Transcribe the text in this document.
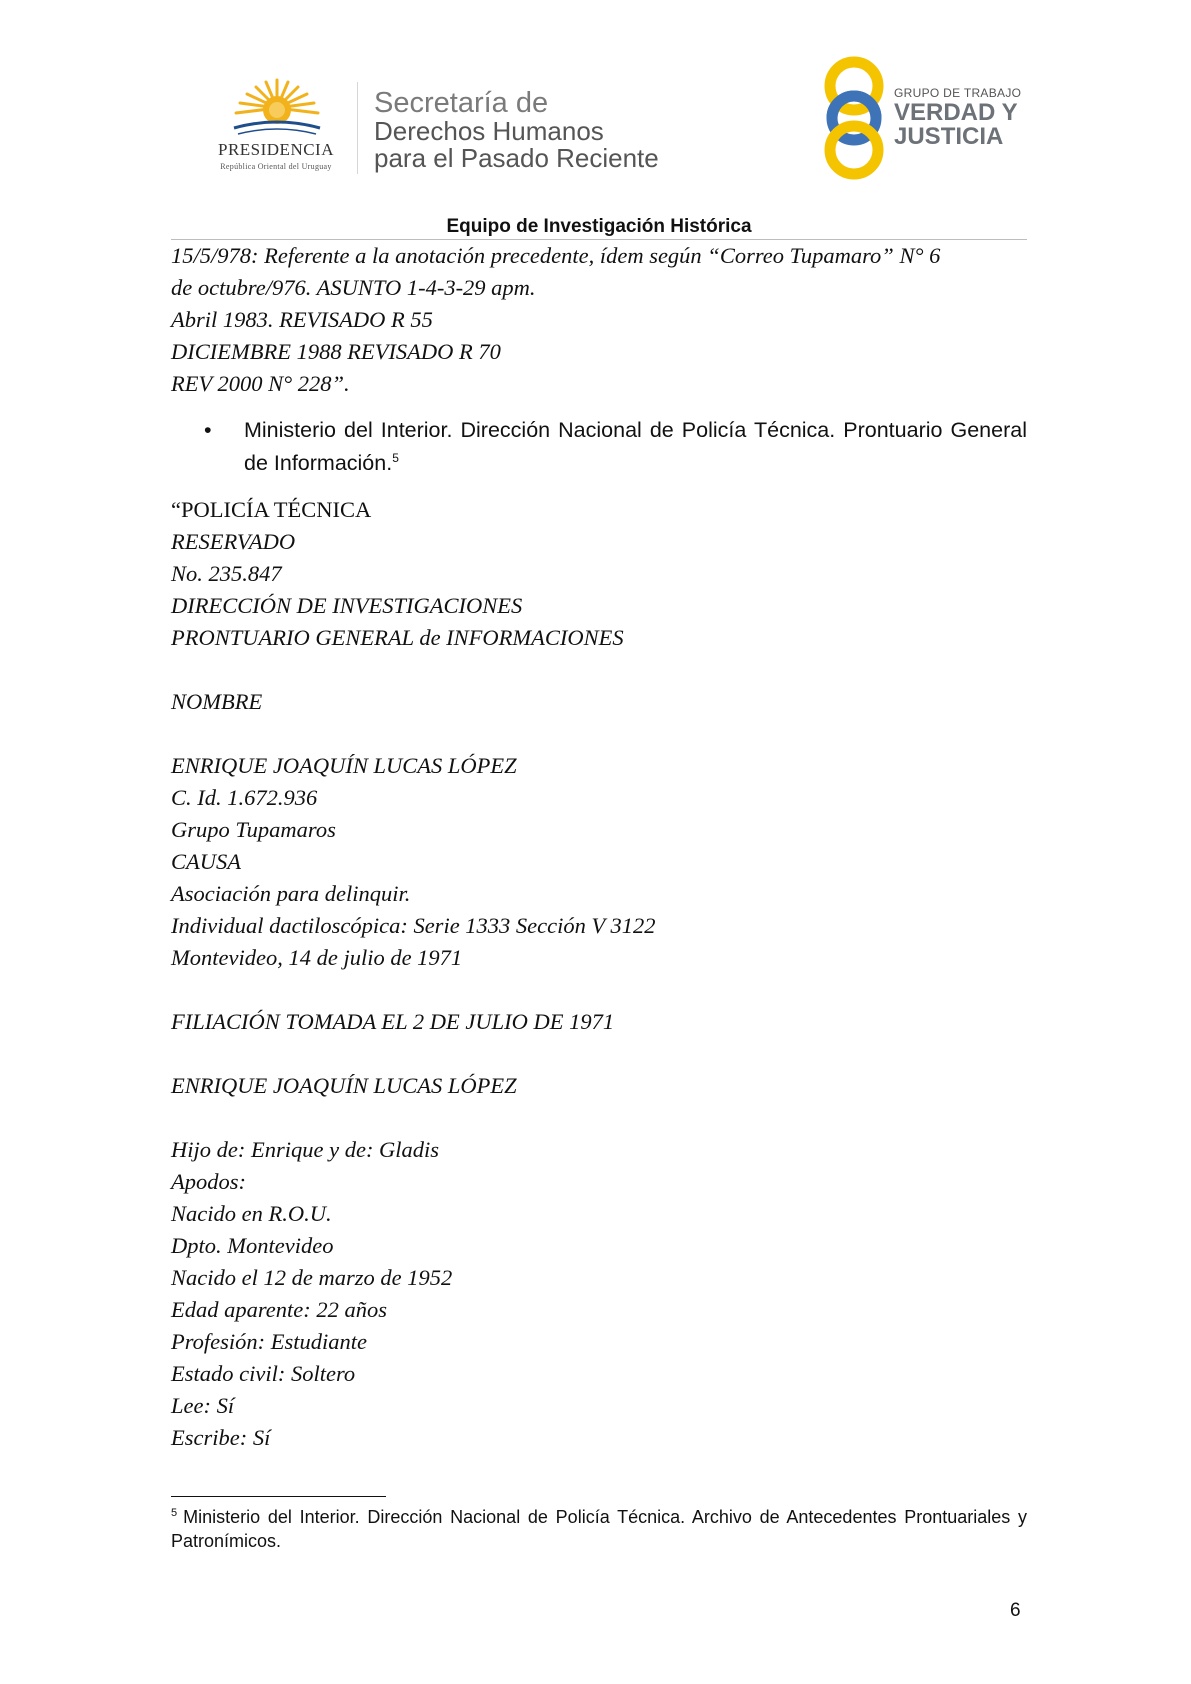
PRESIDENCIA
República Oriental del Uruguay
Secretaría de
Derechos Humanos
para el Pasado Reciente
GRUPO DE TRABAJO
VERDAD Y
JUSTICIA
Equipo de Investigación Histórica
15/5/978: Referente a la anotación precedente, ídem según “Correo Tupamaro” N° 6
de octubre/976. ASUNTO 1-4-3-29 apm.
Abril 1983. REVISADO R 55
DICIEMBRE 1988 REVISADO R 70
REV 2000 N° 228”.
• Ministerio del Interior. Dirección Nacional de Policía Técnica. Prontuario General de Información.$^5$
“POLICÍA TÉCNICA
RESERVADO
No. 235.847
DIRECCIÓN DE INVESTIGACIONES
PRONTUARIO GENERAL de INFORMACIONES
NOMBRE
ENRIQUE JOAQUÍN LUCAS LÓPEZ
C. Id. 1.672.936
Grupo Tupamaros
CAUSA
Asociación para delinquir.
Individual dactiloscópica: Serie 1333 Sección V 3122
Montevideo, 14 de julio de 1971
FILIACIÓN TOMADA EL 2 DE JULIO DE 1971
ENRIQUE JOAQUÍN LUCAS LÓPEZ
Hijo de: Enrique y de: Gladis
Apodos:
Nacido en R.O.U.
Dpto. Montevideo
Nacido el 12 de marzo de 1952
Edad aparente: 22 años
Profesión: Estudiante
Estado civil: Soltero
Lee: Sí
Escribe: Sí
$^5$ Ministerio del Interior. Dirección Nacional de Policía Técnica. Archivo de Antecedentes Prontuariales y Patronímicos.
6
